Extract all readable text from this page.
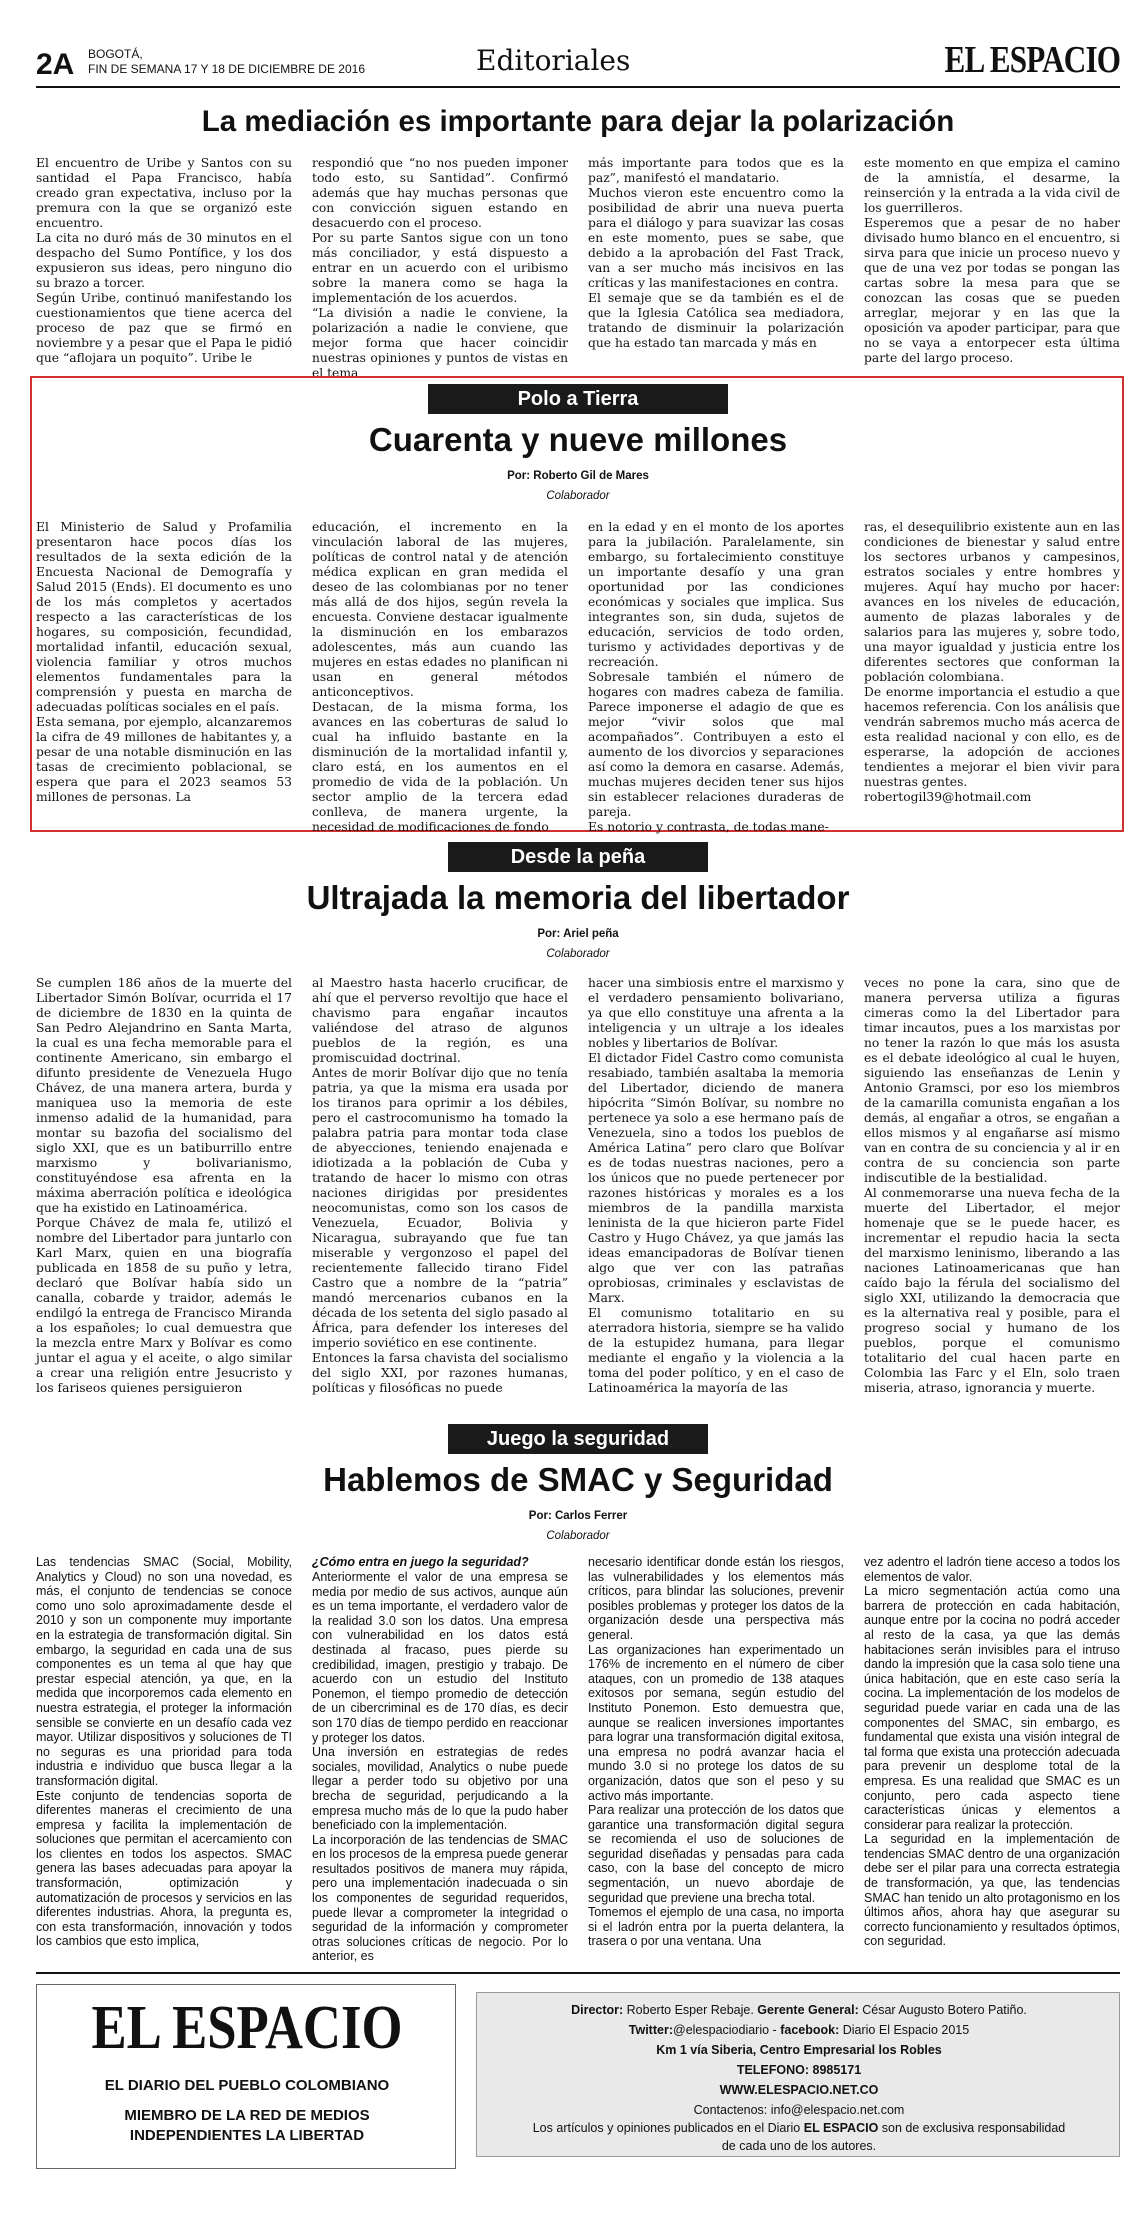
2A BOGOTÁ,
FIN DE SEMANA 17 Y 18 DE DICIEMBRE DE 2016	Editoriales	EL ESPACIO
La mediación es importante para dejar la polarización
El encuentro de Uribe y Santos con su santidad el Papa Francisco, había creado gran expectativa, incluso por la premura con la que se organizó este encuentro.
La cita no duró más de 30 minutos en el despacho del Sumo Pontífice, y los dos expusieron sus ideas, pero ninguno dio su brazo a torcer.
Según Uribe, continuó manifestando los cuestionamientos que tiene acerca del proceso de paz que se firmó en noviembre y a pesar que el Papa le pidió que “aflojara un poquito”. Uribe le
respondió que “no nos pueden imponer todo esto, su Santidad”. Confirmó además que hay muchas personas que con convicción siguen estando en desacuerdo con el proceso.
Por su parte Santos sigue con un tono más conciliador, y está dispuesto a entrar en un acuerdo con el uribismo sobre la manera como se haga la implementación de los acuerdos.
“La división a nadie le conviene, la polarización a nadie le conviene, que mejor forma que hacer coincidir nuestras opiniones y puntos de vistas en el tema
más importante para todos que es la paz”, manifestó el mandatario.
Muchos vieron este encuentro como la posibilidad de abrir una nueva puerta para el diálogo y para suavizar las cosas en este momento, pues se sabe, que debido a la aprobación del Fast Track, van a ser mucho más incisivos en las críticas y las manifestaciones en contra.
El semaje que se da también es el de que la Iglesia Católica sea mediadora, tratando de disminuir la polarización que ha estado tan marcada y más en
este momento en que empiza el camino de la amnistía, el desarme, la reinserción y la entrada a la vida civil de los guerrilleros.
Esperemos que a pesar de no haber divisado humo blanco en el encuentro, si sirva para que inicie un proceso nuevo y que de una vez por todas se pongan las cartas sobre la mesa para que se conozcan las cosas que se pueden arreglar, mejorar y en las que la oposición va apoder participar, para que no se vaya a entorpecer esta última parte del largo proceso.
Polo a Tierra
Cuarenta y nueve millones
Por: Roberto Gil de Mares
Colaborador
El Ministerio de Salud y Profamilia presentaron hace pocos días los resultados de la sexta edición de la Encuesta Nacional de Demografía y Salud 2015 (Ends). El documento es uno de los más completos y acertados respecto a las características de los hogares, su composición, fecundidad, mortalidad infantil, educación sexual, violencia familiar y otros muchos elementos fundamentales para la comprensión y puesta en marcha de adecuadas políticas sociales en el país.
Esta semana, por ejemplo, alcanzaremos la cifra de 49 millones de habitantes y, a pesar de una notable disminución en las tasas de crecimiento poblacional, se espera que para el 2023 seamos 53 millones de personas. La
educación, el incremento en la vinculación laboral de las mujeres, políticas de control natal y de atención médica explican en gran medida el deseo de las colombianas por no tener más allá de dos hijos, según revela la encuesta. Conviene destacar igualmente la disminución en los embarazos adolescentes, más aun cuando las mujeres en estas edades no planifican ni usan en general métodos anticonceptivos.
Destacan, de la misma forma, los avances en las coberturas de salud lo cual ha influido bastante en la disminución de la mortalidad infantil y, claro está, en los aumentos en el promedio de vida de la población. Un sector amplio de la tercera edad conlleva, de manera urgente, la necesidad de modificaciones de fondo
en la edad y en el monto de los aportes para la jubilación. Paralelamente, sin embargo, su fortalecimiento constituye un importante desafío y una gran oportunidad por las condiciones económicas y sociales que implica. Sus integrantes son, sin duda, sujetos de educación, servicios de todo orden, turismo y actividades deportivas y de recreación.
Sobresale también el número de hogares con madres cabeza de familia. Parece imponerse el adagio de que es mejor “vivir solos que mal acompañados”. Contribuyen a esto el aumento de los divorcios y separaciones así como la demora en casarse. Además, muchas mujeres deciden tener sus hijos sin establecer relaciones duraderas de pareja.
Es notorio y contrasta, de todas mane-
ras, el desequilibrio existente aun en las condiciones de bienestar y salud entre los sectores urbanos y campesinos, estratos sociales y entre hombres y mujeres. Aquí hay mucho por hacer: avances en los niveles de educación, aumento de plazas laborales y de salarios para las mujeres y, sobre todo, una mayor igualdad y justicia entre los diferentes sectores que conforman la población colombiana.
De enorme importancia el estudio a que hacemos referencia. Con los análisis que vendrán sabremos mucho más acerca de esta realidad nacional y con ello, es de esperarse, la adopción de acciones tendientes a mejorar el bien vivir para nuestras gentes.
robertogil39@hotmail.com
Desde la peña
Ultrajada la memoria del libertador
Por: Ariel peña
Colaborador
Se cumplen 186 años de la muerte del Libertador Simón Bolívar, ocurrida el 17 de diciembre de 1830 en la quinta de San Pedro Alejandrino en Santa Marta, la cual es una fecha memorable para el continente Americano, sin embargo el difunto presidente de Venezuela Hugo Chávez, de una manera artera, burda y maniquea uso la memoria de este inmenso adalid de la humanidad, para montar su bazofia del socialismo del siglo XXI, que es un batiburrillo entre marxismo y bolivarianismo, constituyéndose esa afrenta en la máxima aberración política e ideológica que ha existido en Latinoamérica.
Porque Chávez de mala fe, utilizó el nombre del Libertador para juntarlo con Karl Marx, quien en una biografía publicada en 1858 de su puño y letra, declaró que Bolívar había sido un canalla, cobarde y traidor, además le endilgó la entrega de Francisco Miranda a los españoles; lo cual demuestra que la mezcla entre Marx y Bolívar es como juntar el agua y el aceite, o algo similar a crear una religión entre Jesucristo y los fariseos quienes persiguieron
al Maestro hasta hacerlo crucificar, de ahí que el perverso revoltijo que hace el chavismo para engañar incautos valiéndose del atraso de algunos pueblos de la región, es una promiscuidad doctrinal.
Antes de morir Bolívar dijo que no tenía patria, ya que la misma era usada por los tiranos para oprimir a los débiles, pero el castrocomunismo ha tomado la palabra patria para montar toda clase de abyecciones, teniendo enajenada e idiotizada a la población de Cuba y tratando de hacer lo mismo con otras naciones dirigidas por presidentes neocomunistas, como son los casos de Venezuela, Ecuador, Bolivia y Nicaragua, subrayando que fue tan miserable y vergonzoso el papel del recientemente fallecido tirano Fidel Castro que a nombre de la “patria” mandó mercenarios cubanos en la década de los setenta del siglo pasado al África, para defender los intereses del imperio soviético en ese continente.
Entonces la farsa chavista del socialismo del siglo XXI, por razones humanas, políticas y filosóficas no puede
hacer una simbiosis entre el marxismo y el verdadero pensamiento bolivariano, ya que ello constituye una afrenta a la inteligencia y un ultraje a los ideales nobles y libertarios de Bolívar.
El dictador Fidel Castro como comunista resabiado, también asaltaba la memoria del Libertador, diciendo de manera hipócrita “Simón Bolívar, su nombre no pertenece ya solo a ese hermano país de Venezuela, sino a todos los pueblos de América Latina” pero claro que Bolívar es de todas nuestras naciones, pero a los únicos que no puede pertenecer por razones históricas y morales es a los miembros de la pandilla marxista leninista de la que hicieron parte Fidel Castro y Hugo Chávez, ya que jamás las ideas emancipadoras de Bolívar tienen algo que ver con las patrañas oprobiosas, criminales y esclavistas de Marx.
El comunismo totalitario en su aterradora historia, siempre se ha valido de la estupidez humana, para llegar mediante el engaño y la violencia a la toma del poder político, y en el caso de Latinoamérica la mayoría de las
veces no pone la cara, sino que de manera perversa utiliza a figuras cimeras como la del Libertador para timar incautos, pues a los marxistas por no tener la razón lo que más los asusta es el debate ideológico al cual le huyen, siguiendo las enseñanzas de Lenin y Antonio Gramsci, por eso los miembros de la camarilla comunista engañan a los demás, al engañar a otros, se engañan a ellos mismos y al engañarse así mismo van en contra de su conciencia y al ir en contra de su conciencia son parte indiscutible de la bestialidad.
Al conmemorarse una nueva fecha de la muerte del Libertador, el mejor homenaje que se le puede hacer, es incrementar el repudio hacia la secta del marxismo leninismo, liberando a las naciones Latinoamericanas que han caído bajo la férula del socialismo del siglo XXI, utilizando la democracia que es la alternativa real y posible, para el progreso social y humano de los pueblos, porque el comunismo totalitario del cual hacen parte en Colombia las Farc y el Eln, solo traen miseria, atraso, ignorancia y muerte.
Juego la seguridad
Hablemos de SMAC y Seguridad
Por: Carlos Ferrer
Colaborador
Las tendencias SMAC (Social, Mobility, Analytics y Cloud) no son una novedad, es más, el conjunto de tendencias se conoce como uno solo aproximadamente desde el 2010 y son un componente muy importante en la estrategia de transformación digital. Sin embargo, la seguridad en cada una de sus componentes es un tema al que hay que prestar especial atención, ya que, en la medida que incorporemos cada elemento en nuestra estrategia, el proteger la información sensible se convierte en un desafío cada vez mayor. Utilizar dispositivos y soluciones de TI no seguras es una prioridad para toda industria e individuo que busca llegar a la transformación digital.
Este conjunto de tendencias soporta de diferentes maneras el crecimiento de una empresa y facilita la implementación de soluciones que permitan el acercamiento con los clientes en todos los aspectos. SMAC genera las bases adecuadas para apoyar la transformación, optimización y automatización de procesos y servicios en las diferentes industrias. Ahora, la pregunta es, con esta transformación, innovación y todos los cambios que esto implica,
¿Cómo entra en juego la seguridad?
Anteriormente el valor de una empresa se media por medio de sus activos, aunque aún es un tema importante, el verdadero valor de la realidad 3.0 son los datos. Una empresa con vulnerabilidad en los datos está destinada al fracaso, pues pierde su credibilidad, imagen, prestigio y trabajo. De acuerdo con un estudio del Instituto Ponemon, el tiempo promedio de detección de un cibercriminal es de 170 días, es decir son 170 días de tiempo perdido en reaccionar y proteger los datos.
Una inversión en estrategias de redes sociales, movilidad, Analytics o nube puede llegar a perder todo su objetivo por una brecha de seguridad, perjudicando a la empresa mucho más de lo que la pudo haber beneficiado con la implementación.
La incorporación de las tendencias de SMAC en los procesos de la empresa puede generar resultados positivos de manera muy rápida, pero una implementación inadecuada o sin los componentes de seguridad requeridos, puede llevar a comprometer la integridad o seguridad de la información y comprometer otras soluciones críticas de negocio. Por lo anterior, es
necesario identificar donde están los riesgos, las vulnerabilidades y los elementos más críticos, para blindar las soluciones, prevenir posibles problemas y proteger los datos de la organización desde una perspectiva más general.
Las organizaciones han experimentado un 176% de incremento en el número de ciber ataques, con un promedio de 138 ataques exitosos por semana, según estudio del Instituto Ponemon. Esto demuestra que, aunque se realicen inversiones importantes para lograr una transformación digital exitosa, una empresa no podrá avanzar hacia el mundo 3.0 si no protege los datos de su organización, datos que son el peso y su activo más importante.
Para realizar una protección de los datos que garantice una transformación digital segura se recomienda el uso de soluciones de seguridad diseñadas y pensadas para cada caso, con la base del concepto de micro segmentación, un nuevo abordaje de seguridad que previene una brecha total.
Tomemos el ejemplo de una casa, no importa si el ladrón entra por la puerta delantera, la trasera o por una ventana. Una
vez adentro el ladrón tiene acceso a todos los elementos de valor.
La micro segmentación actúa como una barrera de protección en cada habitación, aunque entre por la cocina no podrá acceder al resto de la casa, ya que las demás habitaciones serán invisibles para el intruso dando la impresión que la casa solo tiene una única habitación, que en este caso sería la cocina. La implementación de los modelos de seguridad puede variar en cada una de las componentes del SMAC, sin embargo, es fundamental que exista una visión integral de tal forma que exista una protección adecuada para prevenir un desplome total de la empresa. Es una realidad que SMAC es un conjunto, pero cada aspecto tiene características únicas y elementos a considerar para realizar la protección.
La seguridad en la implementación de tendencias SMAC dentro de una organización debe ser el pilar para una correcta estrategia de transformación, ya que, las tendencias SMAC han tenido un alto protagonismo en los últimos años, ahora hay que asegurar su correcto funcionamiento y resultados óptimos, con seguridad.
EL ESPACIO
EL DIARIO DEL PUEBLO COLOMBIANO
MIEMBRO DE LA RED DE MEDIOS
INDEPENDIENTES LA LIBERTAD
Director: Roberto Esper Rebaje. Gerente General: César Augusto Botero Patiño.
Twitter:@elespaciodiario - facebook: Diario El Espacio 2015
Km 1 vía Siberia, Centro Empresarial los Robles
TELEFONO: 8985171
WWW.ELESPACIO.NET.CO
Contactenos: info@elespacio.net.com
Los artículos y opiniones publicados en el Diario EL ESPACIO son de exclusiva responsabilidad
de cada uno de los autores.
